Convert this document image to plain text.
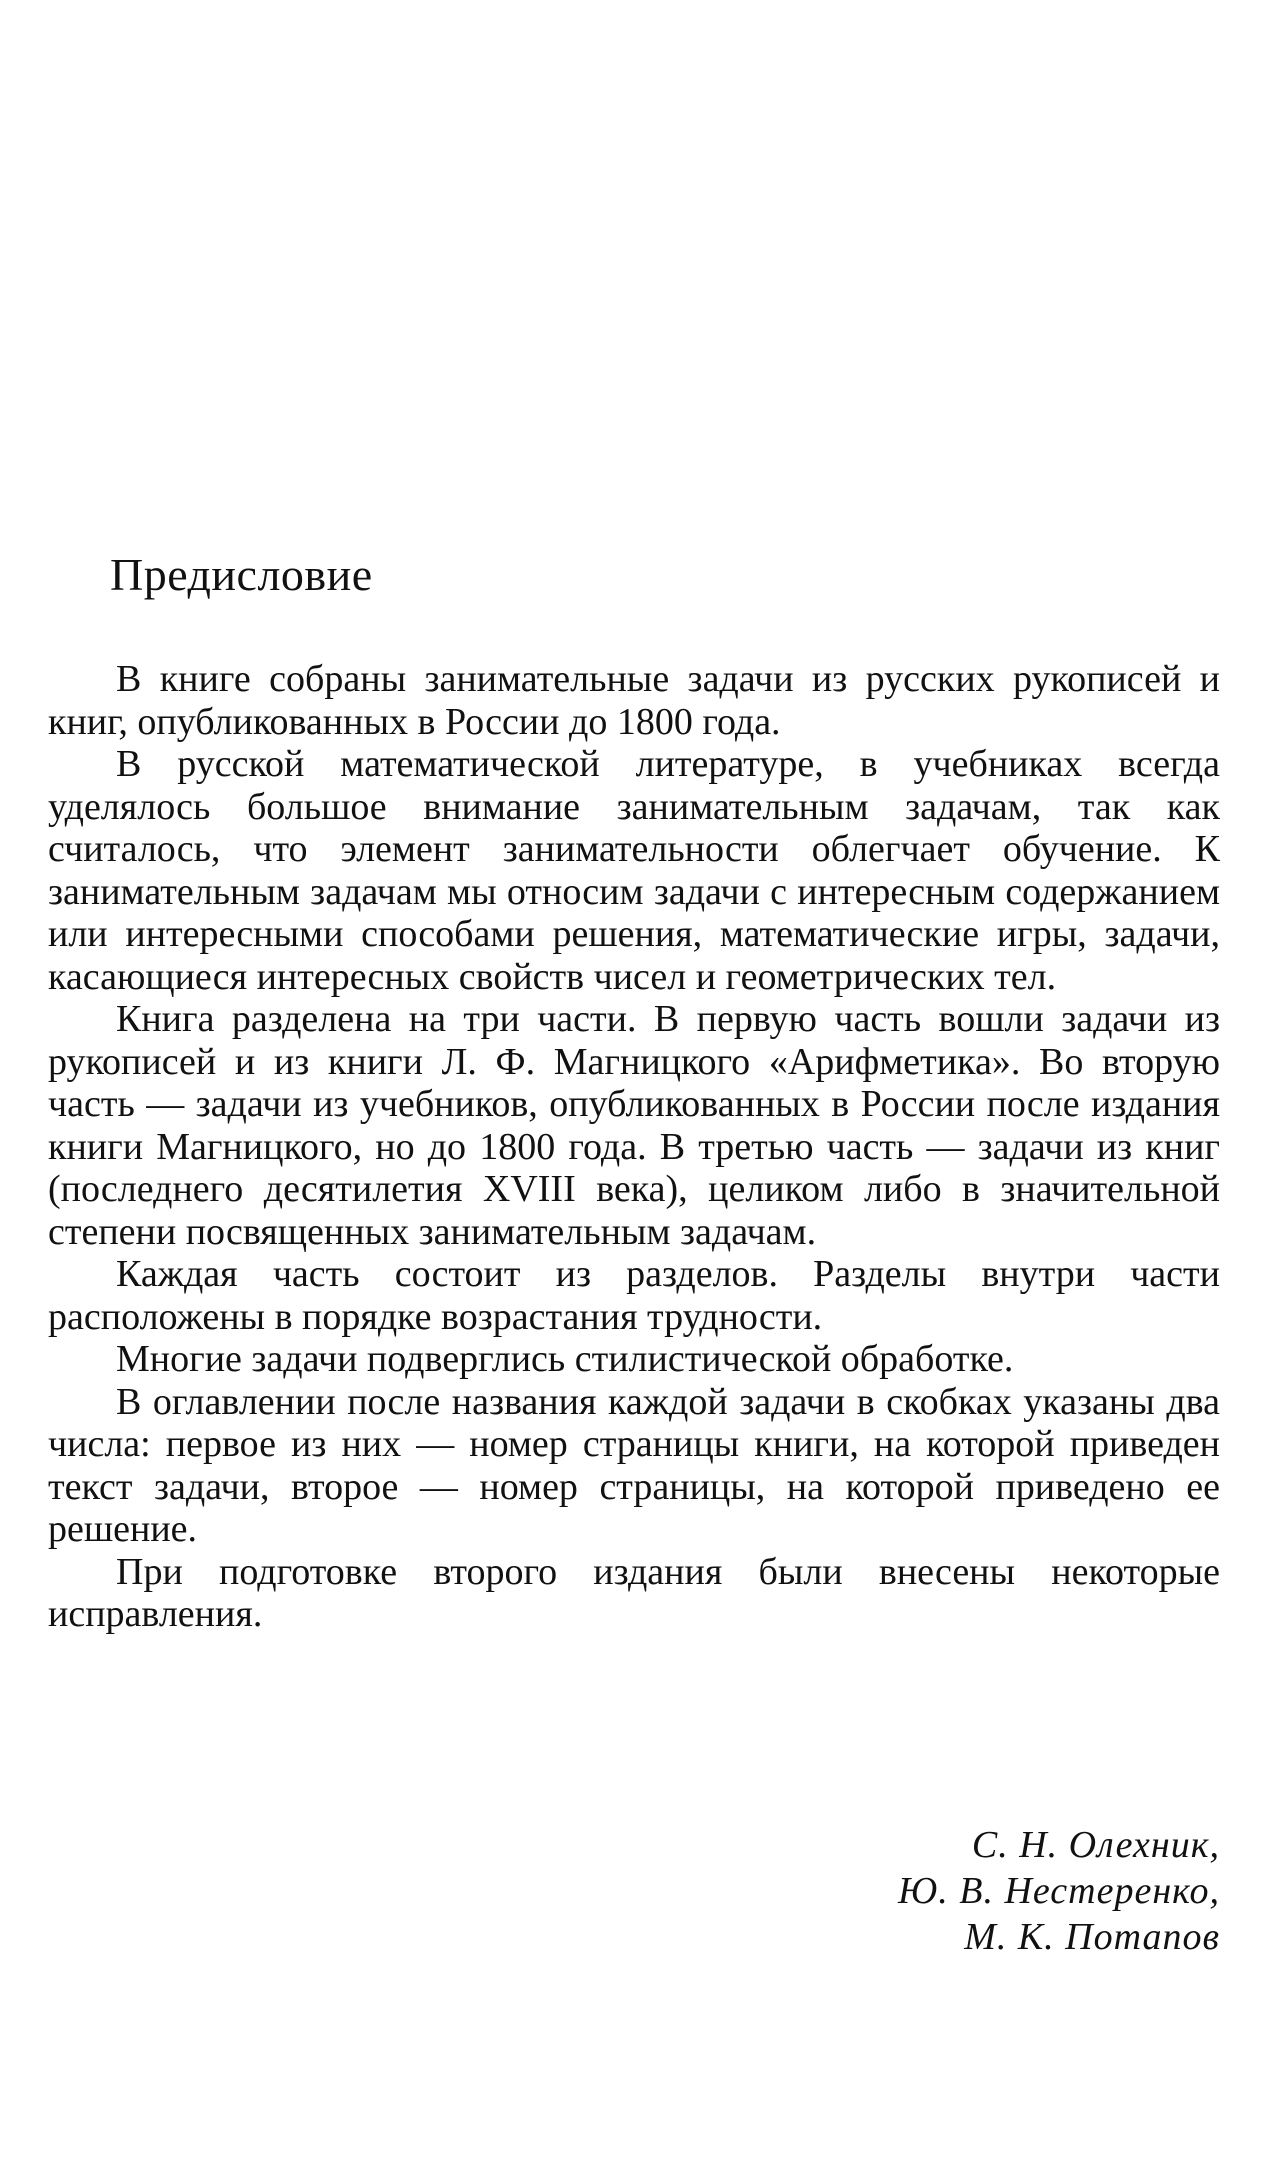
Предисловие

В книге собраны занимательные задачи из русских рукописей и книг, опубликованных в России до 1800 года.

В русской математической литературе, в учебниках всегда уделялось большое внимание занимательным задачам, так как считалось, что элемент занимательности облегчает обучение. К занимательным задачам мы относим задачи с интересным содержанием или интересными способами решения, математические игры, задачи, касающиеся интересных свойств чисел и геометрических тел.

Книга разделена на три части. В первую часть вошли задачи из рукописей и из книги Л. Ф. Магницкого «Арифметика». Во вторую часть — задачи из учебников, опубликованных в России после издания книги Магницкого, но до 1800 года. В третью часть — задачи из книг (последнего десятилетия XVIII века), целиком либо в значительной степени посвященных занимательным задачам.

Каждая часть состоит из разделов. Разделы внутри части расположены в порядке возрастания трудности.

Многие задачи подверглись стилистической обработке.

В оглавлении после названия каждой задачи в скобках указаны два числа: первое из них — номер страницы книги, на которой приведен текст задачи, второе — номер страницы, на которой приведено ее решение.

При подготовке второго издания были внесены некоторые исправления.

С. Н. Олехник,
Ю. В. Нестеренко,
М. К. Потапов
